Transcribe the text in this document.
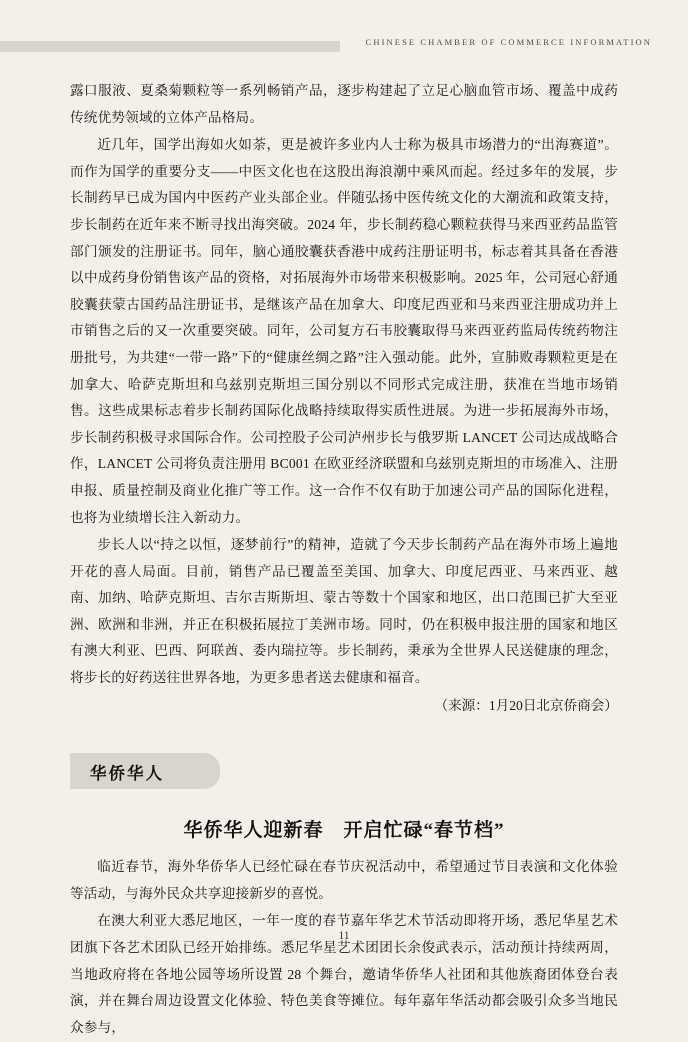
CHINESE CHAMBER OF COMMERCE INFORMATION

露口服液、夏桑菊颗粒等一系列畅销产品，逐步构建起了立足心脑血管市场、覆盖中成药传统优势领域的立体产品格局。

近几年，国学出海如火如荼，更是被许多业内人士称为极具市场潜力的“出海赛道”。而作为国学的重要分支——中医文化也在这股出海浪潮中乘风而起。经过多年的发展，步长制药早已成为国内中医药产业头部企业。伴随弘扬中医传统文化的大潮流和政策支持，步长制药在近年来不断寻找出海突破。2024 年，步长制药稳心颗粒获得马来西亚药品监管部门颁发的注册证书。同年，脑心通胶囊获香港中成药注册证明书，标志着其具备在香港以中成药身份销售该产品的资格，对拓展海外市场带来积极影响。2025 年，公司冠心舒通胶囊获蒙古国药品注册证书，是继该产品在加拿大、印度尼西亚和马来西亚注册成功并上市销售之后的又一次重要突破。同年，公司复方石韦胶囊取得马来西亚药监局传统药物注册批号，为共建“一带一路”下的“健康丝绸之路”注入强动能。此外，宣肺败毒颗粒更是在加拿大、哈萨克斯坦和乌兹别克斯坦三国分别以不同形式完成注册，获准在当地市场销售。这些成果标志着步长制药国际化战略持续取得实质性进展。为进一步拓展海外市场，步长制药积极寻求国际合作。公司控股子公司泸州步长与俄罗斯 LANCET 公司达成战略合作，LANCET 公司将负责注册用 BC001 在欧亚经济联盟和乌兹别克斯坦的市场准入、注册申报、质量控制及商业化推广等工作。这一合作不仅有助于加速公司产品的国际化进程，也将为业绩增长注入新动力。

步长人以“持之以恒，逐梦前行”的精神，造就了今天步长制药产品在海外市场上遍地开花的喜人局面。目前，销售产品已覆盖至美国、加拿大、印度尼西亚、马来西亚、越南、加纳、哈萨克斯坦、吉尔吉斯斯坦、蒙古等数十个国家和地区，出口范围已扩大至亚洲、欧洲和非洲，并正在积极拓展拉丁美洲市场。同时，仍在积极申报注册的国家和地区有澳大利亚、巴西、阿联酋、委内瑞拉等。步长制药，秉承为全世界人民送健康的理念，将步长的好药送往世界各地，为更多患者送去健康和福音。

（来源：1月20日北京侨商会）
华侨华人
华侨华人迎新春　开启忙碌“春节档”

临近春节，海外华侨华人已经忙碌在春节庆祝活动中，希望通过节目表演和文化体验等活动，与海外民众共享迎接新岁的喜悦。

在澳大利亚大悉尼地区，一年一度的春节嘉年华艺术节活动即将开场，悉尼华星艺术团旗下各艺术团队已经开始排练。悉尼华星艺术团团长余俊武表示，活动预计持续两周，当地政府将在各地公园等场所设置 28 个舞台，邀请华侨华人社团和其他族裔团体登台表演，并在舞台周边设置文化体验、特色美食等摊位。每年嘉年华活动都会吸引众多当地民众参与，

11
